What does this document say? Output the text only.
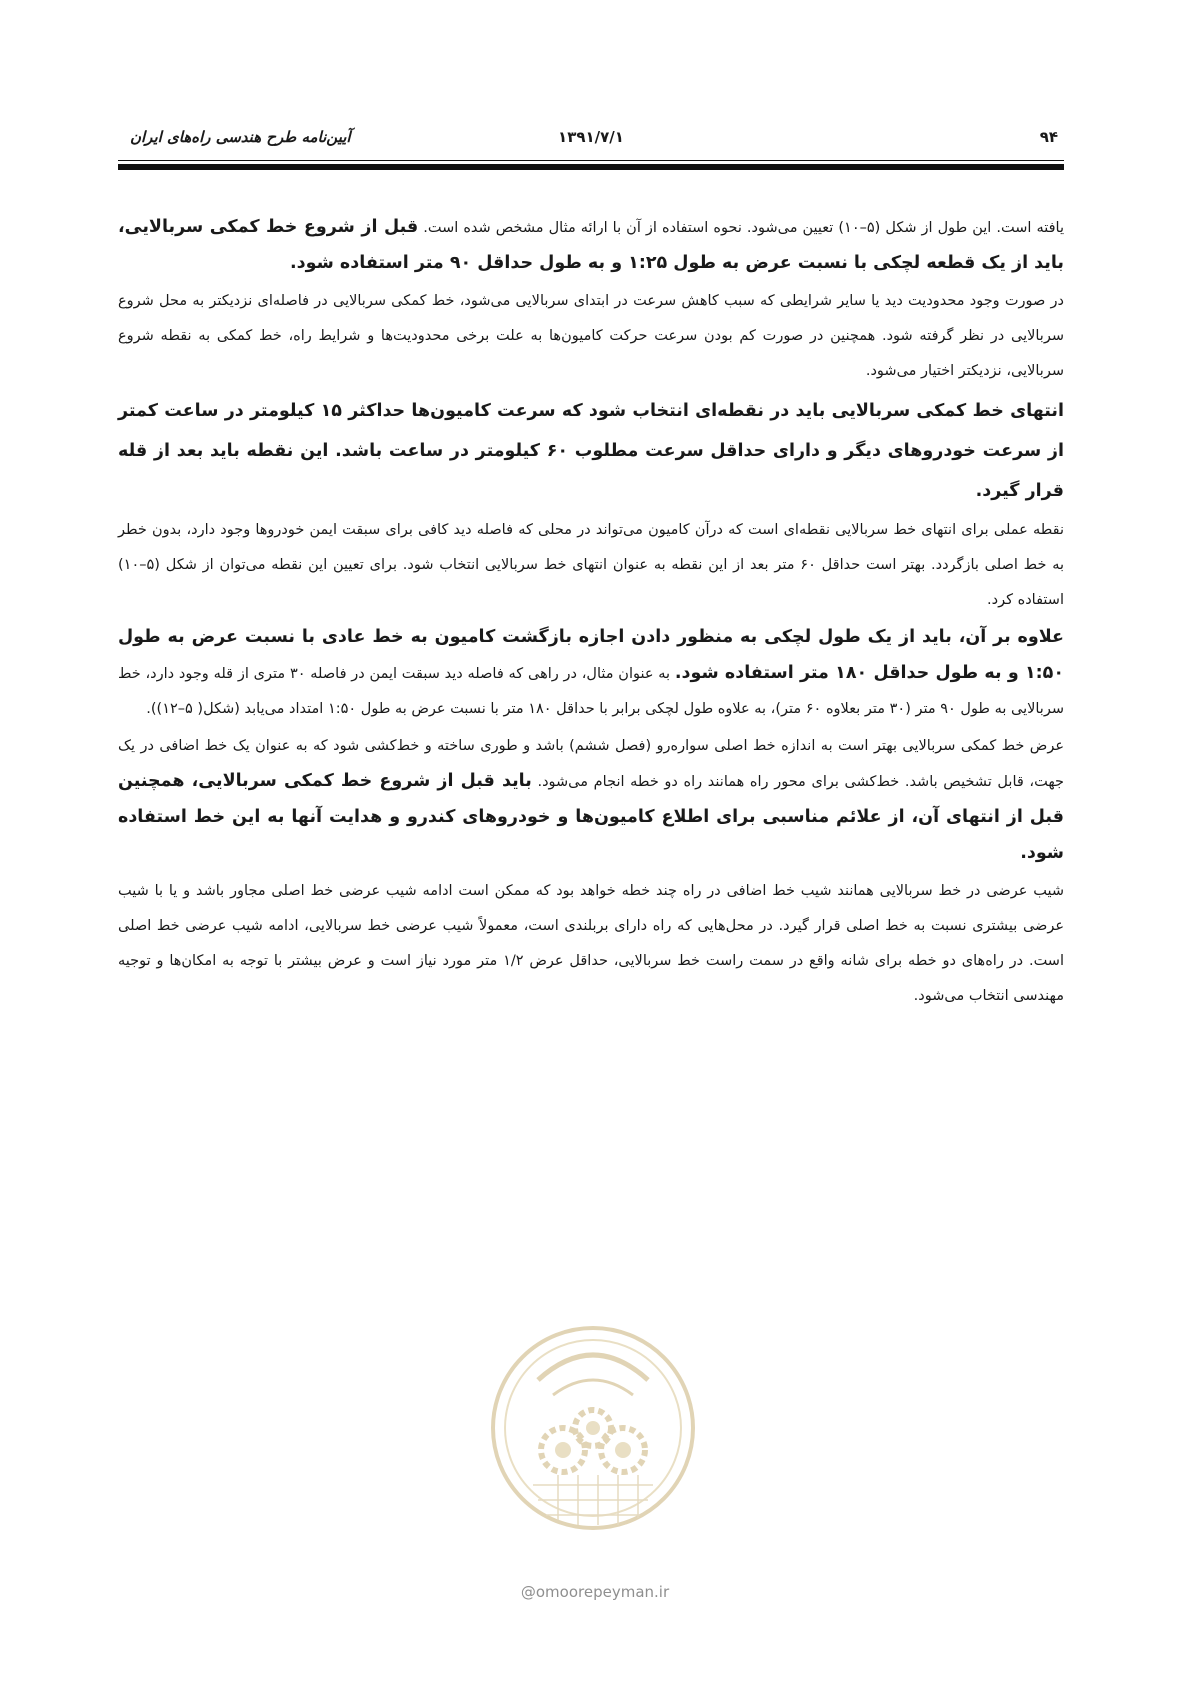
۹۴
۱۳۹۱/۷/۱
آیین‌نامه طرح هندسی راه‌های ایران

یافته است. این طول از شکل (۵–۱۰) تعیین می‌شود. نحوه استفاده از آن با ارائه مثال مشخص شده است. قبل از شروع خط کمکی سربالایی، باید از یک قطعه لچکی با نسبت عرض به طول ۱:۲۵ و به طول حداقل ۹۰ متر استفاده شود.

در صورت وجود محدودیت دید یا سایر شرایطی که سبب کاهش سرعت در ابتدای سربالایی می‌شود، خط کمکی سربالایی در فاصله‌ای نزدیکتر به محل شروع سربالایی در نظر گرفته شود. همچنین در صورت کم بودن سرعت حرکت کامیون‌ها به علت برخی محدودیت‌ها و شرایط راه، خط کمکی به نقطه شروع سربالایی، نزدیکتر اختیار می‌شود.

انتهای خط کمکی سربالایی باید در نقطه‌ای انتخاب شود که سرعت کامیون‌ها حداکثر ۱۵ کیلومتر در ساعت کمتر از سرعت خودروهای دیگر و دارای حداقل سرعت مطلوب ۶۰ کیلومتر در ساعت باشد. این نقطه باید بعد از قله قرار گیرد.

نقطه عملی برای انتهای خط سربالایی نقطه‌ای است که درآن کامیون می‌تواند در محلی که فاصله دید کافی برای سبقت ایمن خودروها وجود دارد، بدون خطر به خط اصلی بازگردد. بهتر است حداقل ۶۰ متر بعد از این نقطه به عنوان انتهای خط سربالایی انتخاب شود. برای تعیین این نقطه می‌توان از شکل (۵–۱۰) استفاده کرد.

علاوه بر آن، باید از یک طول لچکی به منظور دادن اجازه بازگشت کامیون به خط عادی با نسبت عرض به طول ۱:۵۰ و به طول حداقل ۱۸۰ متر استفاده شود. به عنوان مثال، در راهی که فاصله دید سبقت ایمن در فاصله ۳۰ متری از قله وجود دارد، خط سربالایی به طول ۹۰ متر (۳۰ متر بعلاوه ۶۰ متر)، به علاوه طول لچکی برابر با حداقل ۱۸۰ متر با نسبت عرض به طول ۱:۵۰ امتداد می‌یابد (شکل( ۵–۱۲)).

عرض خط کمکی سربالایی بهتر است به اندازه خط اصلی سواره‌رو (فصل ششم) باشد و طوری ساخته و خط‌کشی شود که به عنوان یک خط اضافی در یک جهت، قابل تشخیص باشد. خط‌کشی برای محور راه همانند راه دو خطه انجام می‌شود. باید قبل از شروع خط کمکی سربالایی، همچنین قبل از انتهای آن، از علائم مناسبی برای اطلاع کامیون‌ها و خودروهای کندرو و هدایت آنها به این خط استفاده شود.

شیب عرضی در خط سربالایی همانند شیب خط اضافی در راه چند خطه خواهد بود که ممکن است ادامه شیب عرضی خط اصلی مجاور باشد و یا با شیب عرضی بیشتری نسبت به خط اصلی قرار گیرد. در محل‌هایی که راه دارای بربلندی است، معمولاً شیب عرضی خط سربالایی، ادامه شیب عرضی خط اصلی است. در راه‌های دو خطه برای شانه واقع در سمت راست خط سربالایی، حداقل عرض ۱/۲ متر مورد نیاز است و عرض بیشتر با توجه به امکان‌ها و توجیه مهندسی انتخاب می‌شود.

@omoorepeyman.ir
